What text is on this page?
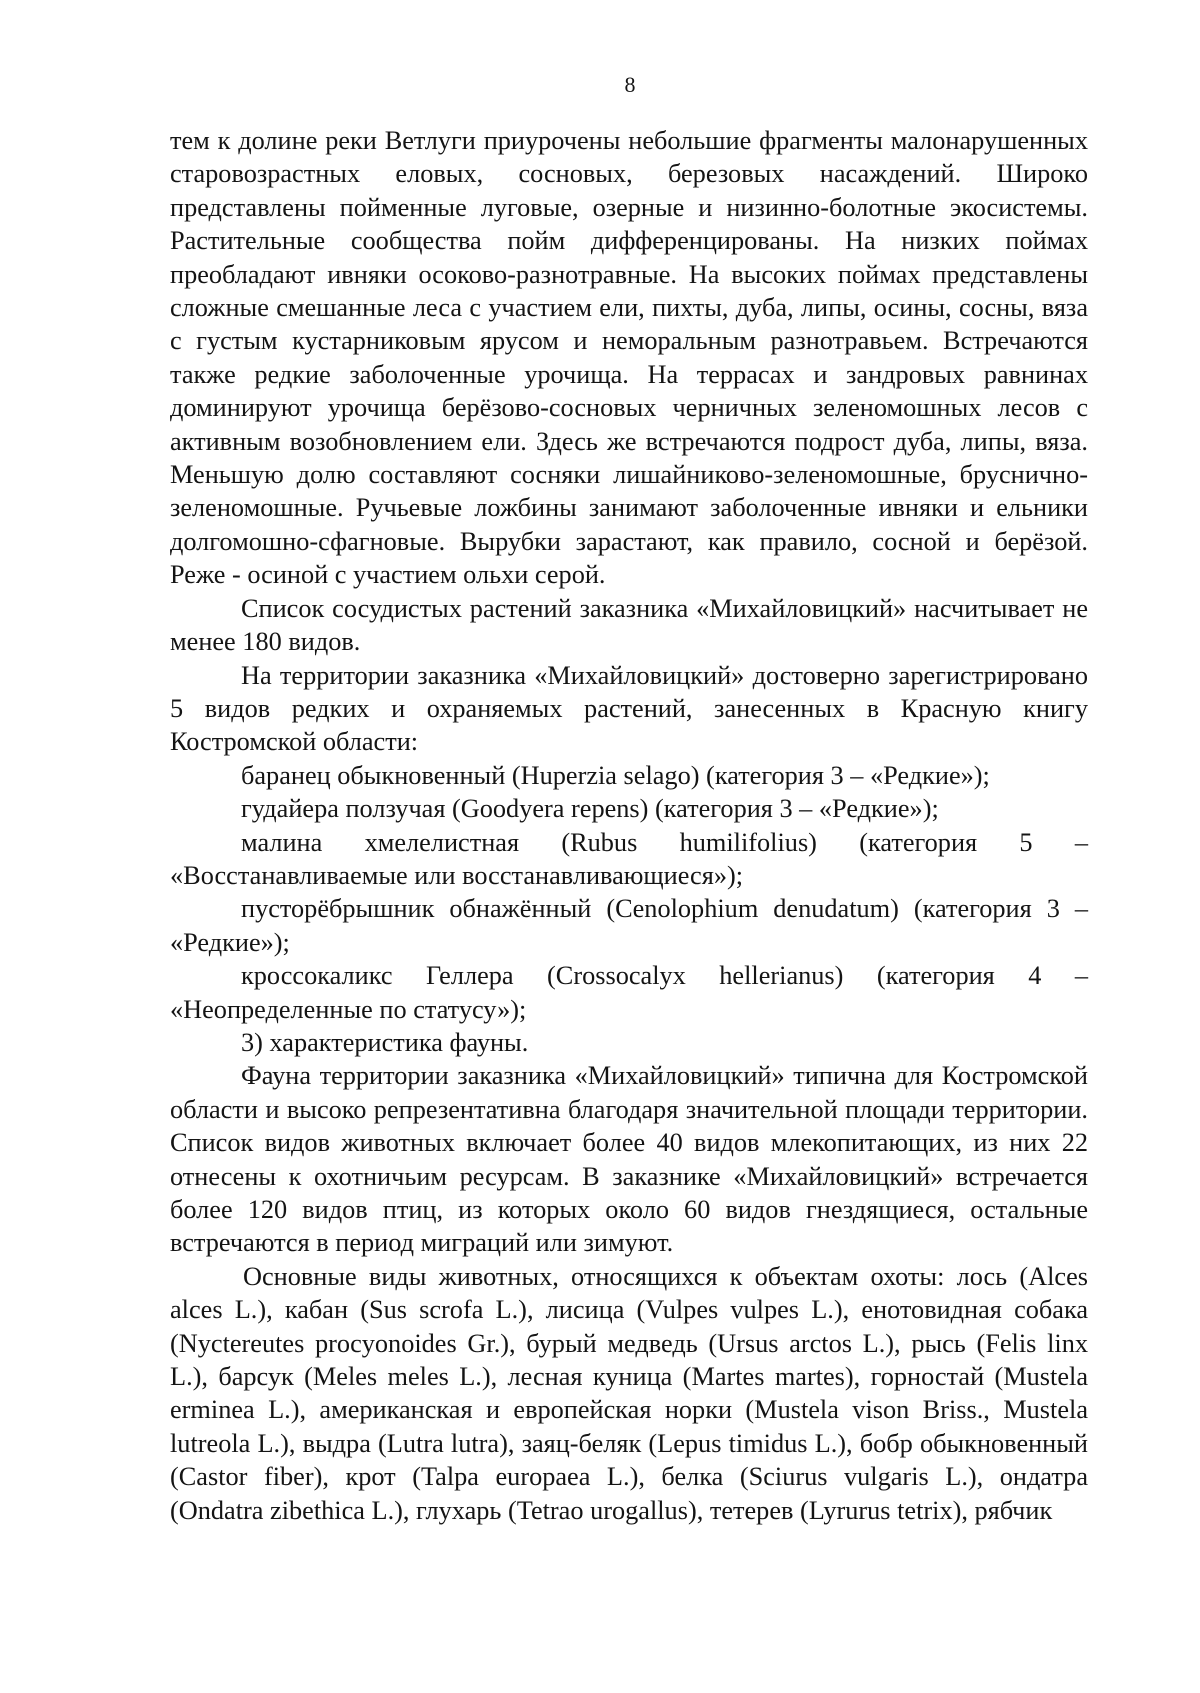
8

тем к долине реки Ветлуги приурочены небольшие фрагменты малонарушенных старовозрастных еловых, сосновых, березовых насаждений. Широко представлены пойменные луговые, озерные и низинно-болотные экосистемы. Растительные сообщества пойм дифференцированы. На низких поймах преобладают ивняки осоково-разнотравные. На высоких поймах представлены сложные смешанные леса с участием ели, пихты, дуба, липы, осины, сосны, вяза с густым кустарниковым ярусом и неморальным разнотравьем. Встречаются также редкие заболоченные урочища. На террасах и зандровых равнинах доминируют урочища берёзово-сосновых черничных зеленомошных лесов с активным возобновлением ели. Здесь же встречаются подрост дуба, липы, вяза. Меньшую долю составляют сосняки лишайниково-зеленомошные, бруснично-зеленомошные. Ручьевые ложбины занимают заболоченные ивняки и ельники долгомошно-сфагновые. Вырубки зарастают, как правило, сосной и берёзой. Реже - осиной с участием ольхи серой.

Список сосудистых растений заказника «Михайловицкий» насчитывает не менее 180 видов.

На территории заказника «Михайловицкий» достоверно зарегистрировано 5 видов редких и охраняемых растений, занесенных в Красную книгу Костромской области:

баранец обыкновенный (Huperzia selago) (категория 3 – «Редкие»);

гудайера ползучая (Goodyera repens) (категория 3 – «Редкие»);

малина хмелелистная (Rubus humilifolius) (категория 5 – «Восстанавливаемые или восстанавливающиеся»);

пусторёбрышник обнажённый (Cenolophium denudatum) (категория 3 – «Редкие»);

кроссокаликс Геллера (Crossocalyx hellerianus) (категория 4 – «Неопределенные по статусу»);

3) характеристика фауны.

Фауна территории заказника «Михайловицкий» типична для Костромской области и высоко репрезентативна благодаря значительной площади территории. Список видов животных включает более 40 видов млекопитающих, из них 22 отнесены к охотничьим ресурсам. В заказнике «Михайловицкий» встречается более 120 видов птиц, из которых около 60 видов гнездящиеся, остальные встречаются в период миграций или зимуют.

Основные виды животных, относящихся к объектам охоты: лось (Alces alces L.), кабан (Sus scrofa L.), лисица (Vulpes vulpes L.), енотовидная собака (Nyctereutes procyonoides Gr.), бурый медведь (Ursus arctos L.), рысь (Felis linx L.), барсук (Meles meles L.), лесная куница (Martes martes), горностай (Mustela erminea L.), американская и европейская норки (Mustela vison Briss., Mustela lutreola L.), выдра (Lutra lutra), заяц-беляк (Lepus timidus L.), бобр обыкновенный (Castor fiber), крот (Talpa europaea L.), белка (Sciurus vulgaris L.), ондатра (Ondatra zibethica L.), глухарь (Tetrao urogallus), тетерев (Lyrurus tetrix), рябчик
